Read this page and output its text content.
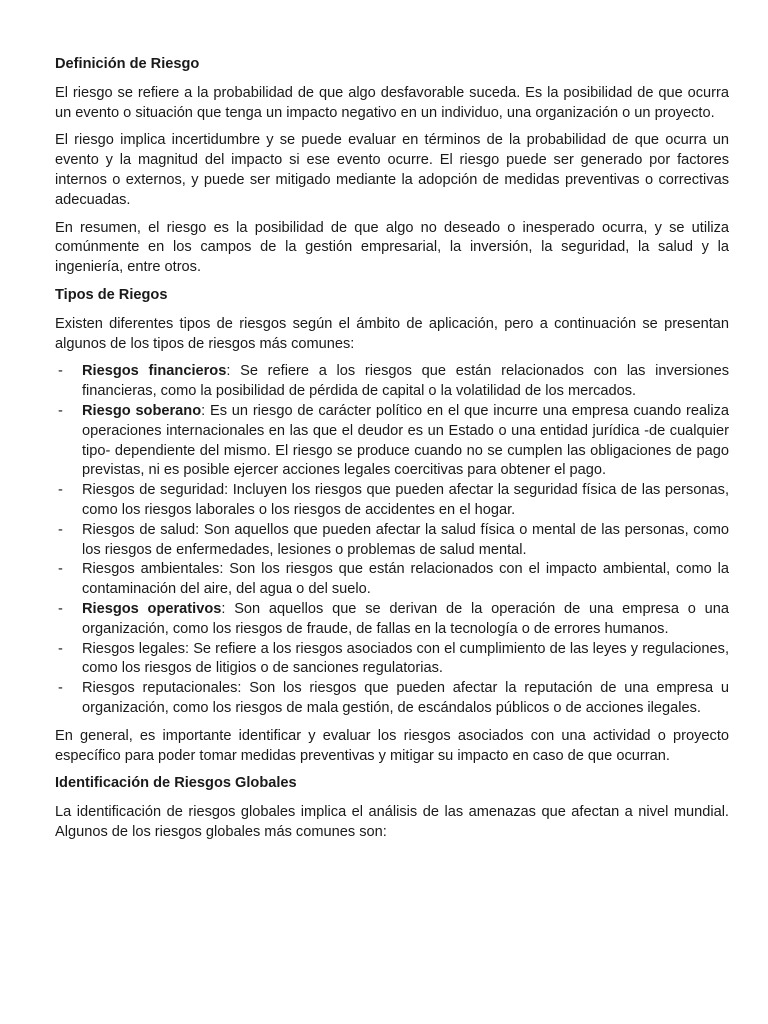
Definición de Riesgo

El riesgo se refiere a la probabilidad de que algo desfavorable suceda. Es la posibilidad de que ocurra un evento o situación que tenga un impacto negativo en un individuo, una organización o un proyecto.

El riesgo implica incertidumbre y se puede evaluar en términos de la probabilidad de que ocurra un evento y la magnitud del impacto si ese evento ocurre. El riesgo puede ser generado por factores internos o externos, y puede ser mitigado mediante la adopción de medidas preventivas o correctivas adecuadas.

En resumen, el riesgo es la posibilidad de que algo no deseado o inesperado ocurra, y se utiliza comúnmente en los campos de la gestión empresarial, la inversión, la seguridad, la salud y la ingeniería, entre otros.

Tipos de Riegos

Existen diferentes tipos de riesgos según el ámbito de aplicación, pero a continuación se presentan algunos de los tipos de riesgos más comunes:

- Riesgos financieros: Se refiere a los riesgos que están relacionados con las inversiones financieras, como la posibilidad de pérdida de capital o la volatilidad de los mercados.
- Riesgo soberano: Es un riesgo de carácter político en el que incurre una empresa cuando realiza operaciones internacionales en las que el deudor es un Estado o una entidad jurídica -de cualquier tipo- dependiente del mismo. El riesgo se produce cuando no se cumplen las obligaciones de pago previstas, ni es posible ejercer acciones legales coercitivas para obtener el pago.
- Riesgos de seguridad: Incluyen los riesgos que pueden afectar la seguridad física de las personas, como los riesgos laborales o los riesgos de accidentes en el hogar.
- Riesgos de salud: Son aquellos que pueden afectar la salud física o mental de las personas, como los riesgos de enfermedades, lesiones o problemas de salud mental.
- Riesgos ambientales: Son los riesgos que están relacionados con el impacto ambiental, como la contaminación del aire, del agua o del suelo.
- Riesgos operativos: Son aquellos que se derivan de la operación de una empresa o una organización, como los riesgos de fraude, de fallas en la tecnología o de errores humanos.
- Riesgos legales: Se refiere a los riesgos asociados con el cumplimiento de las leyes y regulaciones, como los riesgos de litigios o de sanciones regulatorias.
- Riesgos reputacionales: Son los riesgos que pueden afectar la reputación de una empresa u organización, como los riesgos de mala gestión, de escándalos públicos o de acciones ilegales.

En general, es importante identificar y evaluar los riesgos asociados con una actividad o proyecto específico para poder tomar medidas preventivas y mitigar su impacto en caso de que ocurran.

Identificación de Riesgos Globales

La identificación de riesgos globales implica el análisis de las amenazas que afectan a nivel mundial. Algunos de los riesgos globales más comunes son:
